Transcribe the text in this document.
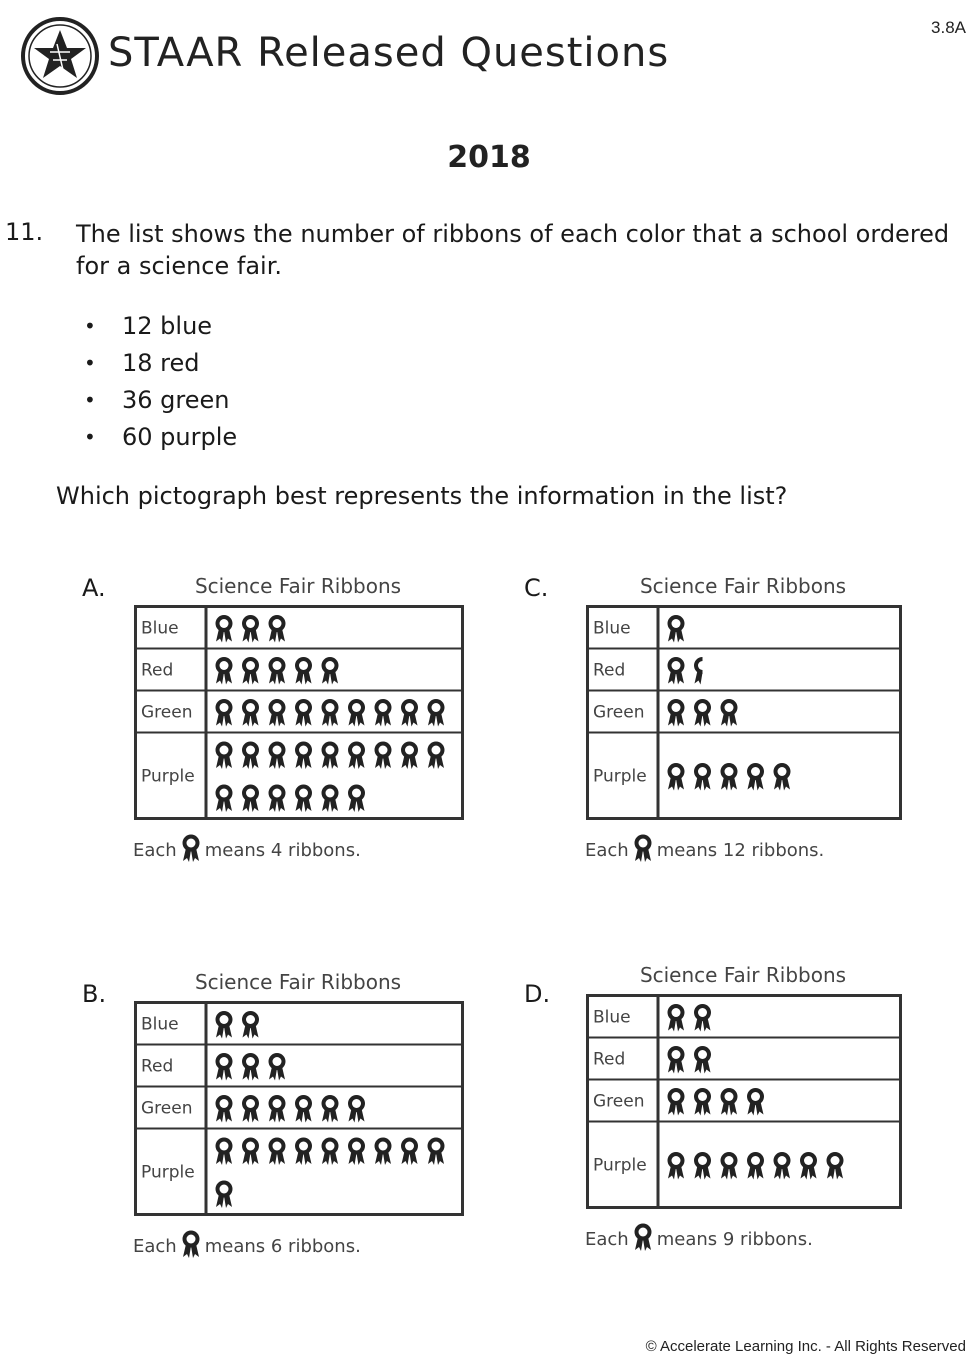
STAAR Released Questions
3.8A
2018
11. The list shows the number of ribbons of each color that a school ordered for a science fair.
•	12 blue
•	18 red
•	36 green
•	60 purple
Which pictograph best represents the information in the list?
A.	Science Fair Ribbons
Blue
Red
Green
Purple
Each means 4 ribbons.
C.	Science Fair Ribbons
Blue
Red
Green
Purple
Each means 12 ribbons.
B.	Science Fair Ribbons
Blue
Red
Green
Purple
Each means 6 ribbons.
D.
Science Fair Ribbons
Blue
Red
Green
Purple
Each means 9 ribbons.
© Accelerate Learning Inc. - All Rights Reserved
